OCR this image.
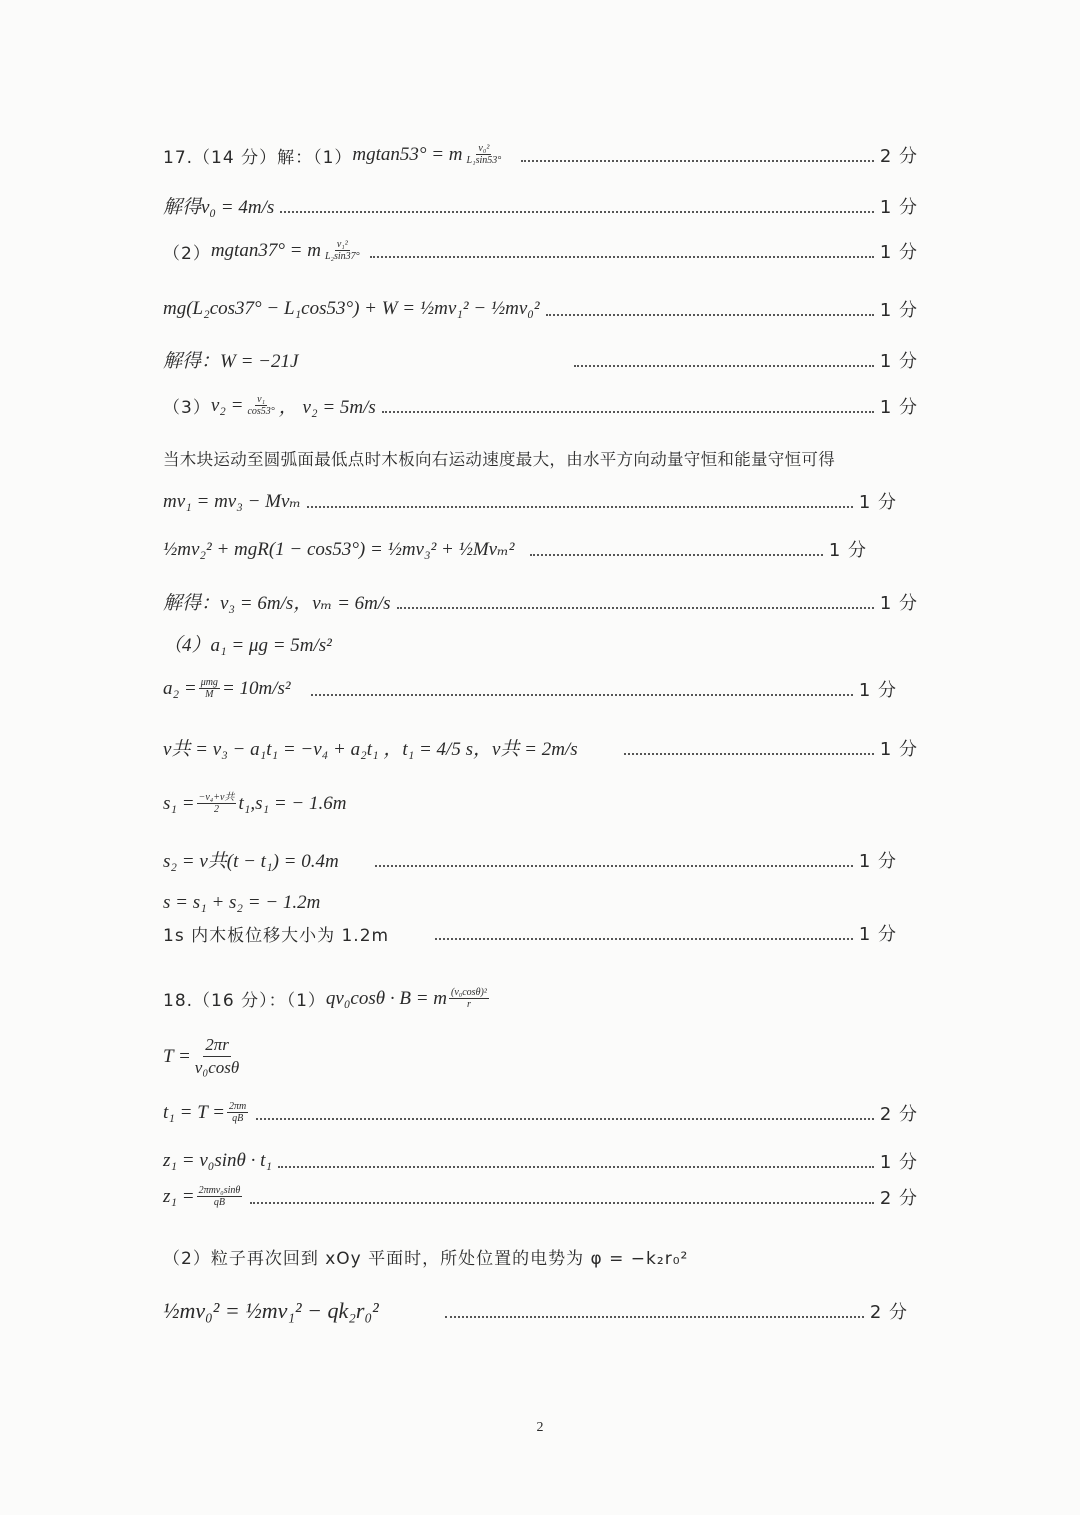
17.（14 分）解：（1） mgtan53° = m $\frac{\text{v₀²}}{\text{L₁sin53°}}$	2 分
解得v₀ = 4m/s	1 分
（2） mgtan37° = m $\frac{\text{v₁²}}{\text{L₂sin37°}}$	1 分
mg(L₂cos37° − L₁cos53°) + W = ½mv₁² − ½mv₀²	1 分
解得：W = −21J	1 分
（3） $v_2 = \frac{\text{v₁}}{\cos 53^\circ}$ ， v₂ = 5m/s	1 分
当木块运动至圆弧面最低点时木板向右运动速度最大，由水平方向动量守恒和能量守恒可得
mv₁ = mv₃ − Mvₘ	1 分
½mv₂² + mgR(1 − cos53°) = ½mv₃² + ½Mvₘ²	1 分
解得：v₃ = 6m/s，vₘ = 6m/s	1 分
（4）a₁ = μg = 5m/s²
$a_2 = \frac{\text{μmg}}{M} = 10m/s^2$	1 分
v共 = v₃ − a₁t₁ = −v₄ + a₂t₁ ，t₁ = 4/5 s，v共 = 2m/s	1 分
$s_1 = \frac{\text{−v₄+v共}}{2} t_1,s_1$ = − 1.6m
s₂ = v共(t − t₁) = 0.4m	1 分
s = s₁ + s₂ = − 1.2m
1s 内木板位移大小为 1.2m	1 分
18.（16 分）：（1） qv₀cosθ · B = m $\frac{\text{(v₀cosθ)²}}{r}$
$T = \frac{2\pi r}{\text{v₀cosθ}}$
$t_1 = T = \frac{2\pi m}{qB}$	2 分
z₁ = v₀sinθ · t₁	1 分
$z_1 = \frac{\text{2πmv₀sinθ}}{qB}$	2 分
（2）粒子再次回到 xOy 平面时，所处位置的电势为 φ = −k₂r₀²
½mv₀² = ½mv₁² − qk₂r₀²	2 分
2
